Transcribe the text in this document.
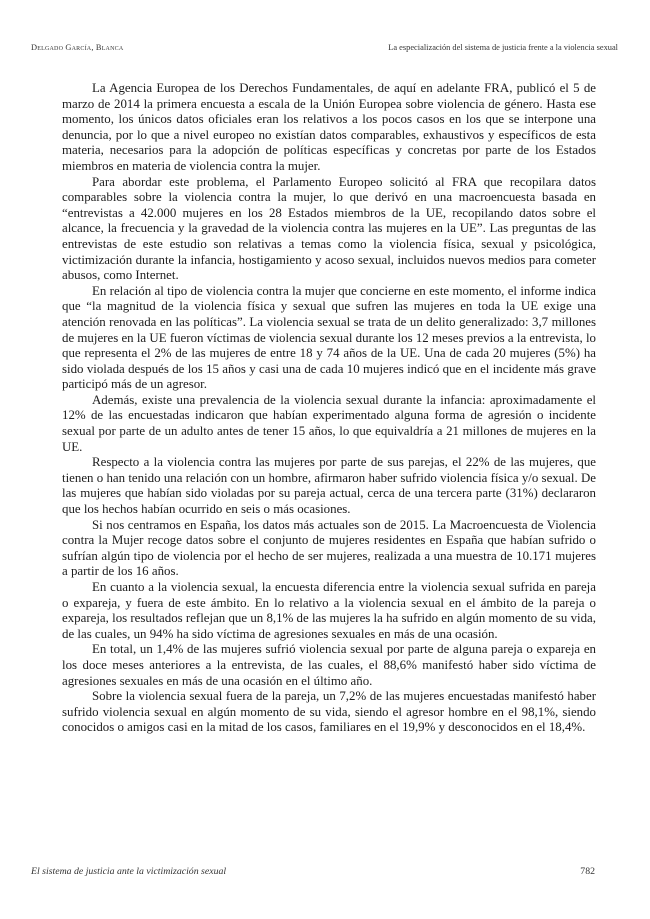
Delgado García, Blanca	La especialización del sistema de justicia frente a la violencia sexual

La Agencia Europea de los Derechos Fundamentales, de aquí en adelante FRA, publicó el 5 de marzo de 2014 la primera encuesta a escala de la Unión Europea sobre violencia de género. Hasta ese momento, los únicos datos oficiales eran los relativos a los pocos casos en los que se interpone una denuncia, por lo que a nivel europeo no existían datos comparables, exhaustivos y específicos de esta materia, necesarios para la adopción de políticas específicas y concretas por parte de los Estados miembros en materia de violencia contra la mujer.

Para abordar este problema, el Parlamento Europeo solicitó al FRA que recopilara datos comparables sobre la violencia contra la mujer, lo que derivó en una macroencuesta basada en “entrevistas a 42.000 mujeres en los 28 Estados miembros de la UE, recopilando datos sobre el alcance, la frecuencia y la gravedad de la violencia contra las mujeres en la UE”. Las preguntas de las entrevistas de este estudio son relativas a temas como la violencia física, sexual y psicológica, victimización durante la infancia, hostigamiento y acoso sexual, incluidos nuevos medios para cometer abusos, como Internet.

En relación al tipo de violencia contra la mujer que concierne en este momento, el informe indica que “la magnitud de la violencia física y sexual que sufren las mujeres en toda la UE exige una atención renovada en las políticas”. La violencia sexual se trata de un delito generalizado: 3,7 millones de mujeres en la UE fueron víctimas de violencia sexual durante los 12 meses previos a la entrevista, lo que representa el 2% de las mujeres de entre 18 y 74 años de la UE. Una de cada 20 mujeres (5%) ha sido violada después de los 15 años y casi una de cada 10 mujeres indicó que en el incidente más grave participó más de un agresor.

Además, existe una prevalencia de la violencia sexual durante la infancia: aproximadamente el 12% de las encuestadas indicaron que habían experimentado alguna forma de agresión o incidente sexual por parte de un adulto antes de tener 15 años, lo que equivaldría a 21 millones de mujeres en la UE.

Respecto a la violencia contra las mujeres por parte de sus parejas, el 22% de las mujeres, que tienen o han tenido una relación con un hombre, afirmaron haber sufrido violencia física y/o sexual. De las mujeres que habían sido violadas por su pareja actual, cerca de una tercera parte (31%) declararon que los hechos habían ocurrido en seis o más ocasiones.

Si nos centramos en España, los datos más actuales son de 2015. La Macroencuesta de Violencia contra la Mujer recoge datos sobre el conjunto de mujeres residentes en España que habían sufrido o sufrían algún tipo de violencia por el hecho de ser mujeres, realizada a una muestra de 10.171 mujeres a partir de los 16 años.

En cuanto a la violencia sexual, la encuesta diferencia entre la violencia sexual sufrida en pareja o expareja, y fuera de este ámbito. En lo relativo a la violencia sexual en el ámbito de la pareja o expareja, los resultados reflejan que un 8,1% de las mujeres la ha sufrido en algún momento de su vida, de las cuales, un 94% ha sido víctima de agresiones sexuales en más de una ocasión.

En total, un 1,4% de las mujeres sufrió violencia sexual por parte de alguna pareja o expareja en los doce meses anteriores a la entrevista, de las cuales, el 88,6% manifestó haber sido víctima de agresiones sexuales en más de una ocasión en el último año.

Sobre la violencia sexual fuera de la pareja, un 7,2% de las mujeres encuestadas manifestó haber sufrido violencia sexual en algún momento de su vida, siendo el agresor hombre en el 98,1%, siendo conocidos o amigos casi en la mitad de los casos, familiares en el 19,9% y desconocidos en el 18,4%.

El sistema de justicia ante la victimización sexual	782
